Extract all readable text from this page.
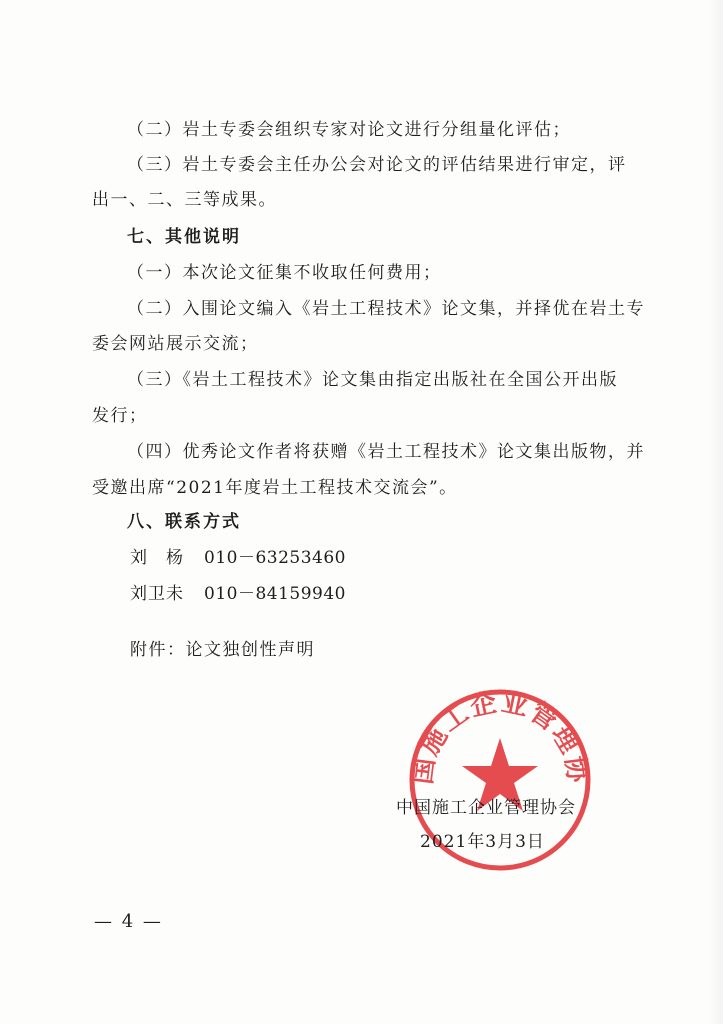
（二）岩土专委会组织专家对论文进行分组量化评估；
（三）岩土专委会主任办公会对论文的评估结果进行审定，评
出一、二、三等成果。
七、其他说明
（一）本次论文征集不收取任何费用；
（二）入围论文编入《岩土工程技术》论文集，并择优在岩土专
委会网站展示交流；
（三）《岩土工程技术》论文集由指定出版社在全国公开出版
发行；
（四）优秀论文作者将获赠《岩土工程技术》论文集出版物，并
受邀出席“2021年度岩土工程技术交流会”。
八、联系方式
刘　杨 010－63253460
刘卫未 010－84159940
附件：论文独创性声明
国施工企业管理协
中国施工企业管理协会
2021年3月3日
— 4 —
